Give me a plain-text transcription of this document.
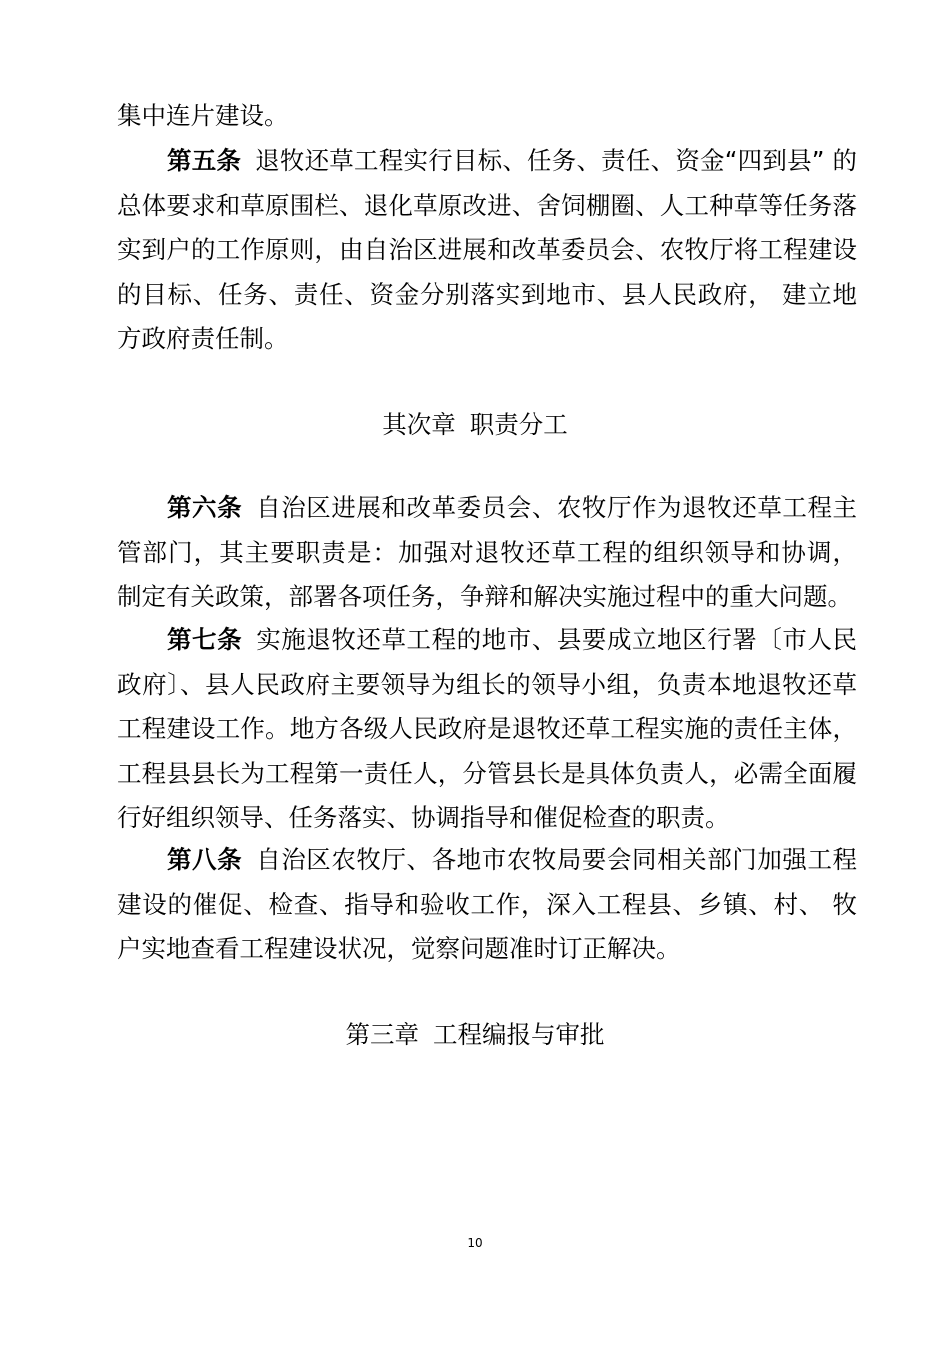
集中连片建设。

第五条 退牧还草工程实行目标、任务、责任、资金“四到县” 的总体要求和草原围栏、退化草原改进、舍饲棚圈、人工种草等任务落实到户的工作原则，由自治区进展和改革委员会、农牧厅将工程建设的目标、任务、责任、资金分别落实到地市、县人民政府， 建立地方政府责任制。

其次章 职责分工

第六条 自治区进展和改革委员会、农牧厅作为退牧还草工程主管部门，其主要职责是：加强对退牧还草工程的组织领导和协调， 制定有关政策，部署各项任务，争辩和解决实施过程中的重大问题。

第七条 实施退牧还草工程的地市、县要成立地区行署〔市人民政府〕、县人民政府主要领导为组长的领导小组，负责本地退牧还草工程建设工作。地方各级人民政府是退牧还草工程实施的责任主体，工程县县长为工程第一责任人，分管县长是具体负责人，必需全面履行好组织领导、任务落实、协调指导和催促检查的职责。

第八条 自治区农牧厅、各地市农牧局要会同相关部门加强工程建设的催促、检查、指导和验收工作，深入工程县、乡镇、村、 牧户实地查看工程建设状况，觉察问题准时订正解决。

第三章 工程编报与审批

10
